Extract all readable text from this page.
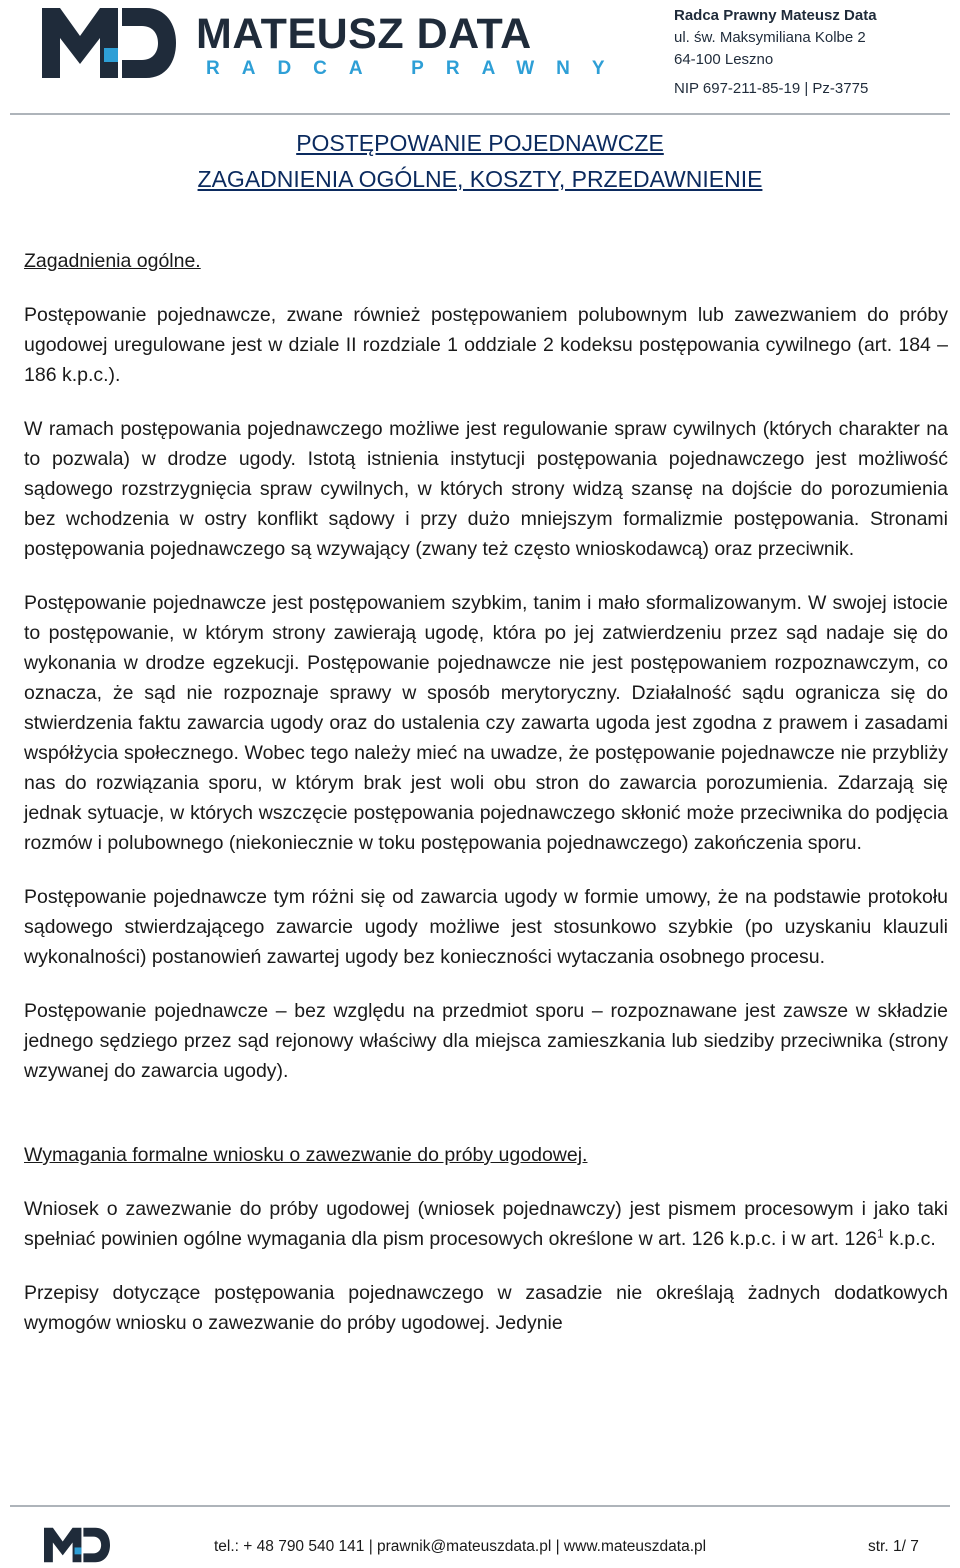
MATEUSZ DATA
RADCA PRAWNY
Radca Prawny Mateusz Data
ul. św. Maksymiliana Kolbe 2
64-100 Leszno
NIP 697-211-85-19 | Pz-3775
POSTĘPOWANIE POJEDNAWCZE
ZAGADNIENIA OGÓLNE, KOSZTY, PRZEDAWNIENIE

Zagadnienia ogólne.

Postępowanie pojednawcze, zwane również postępowaniem polubownym lub zawezwaniem do próby ugodowej uregulowane jest w dziale II rozdziale 1 oddziale 2 kodeksu postępowania cywilnego (art. 184 – 186 k.p.c.).

W ramach postępowania pojednawczego możliwe jest regulowanie spraw cywilnych (których charakter na to pozwala) w drodze ugody. Istotą istnienia instytucji postępowania pojednawczego jest możliwość sądowego rozstrzygnięcia spraw cywilnych, w których strony widzą szansę na dojście do porozumienia bez wchodzenia w ostry konflikt sądowy i przy dużo mniejszym formalizmie postępowania. Stronami postępowania pojednawczego są wzywający (zwany też często wnioskodawcą) oraz przeciwnik.

Postępowanie pojednawcze jest postępowaniem szybkim, tanim i mało sformalizowanym. W swojej istocie to postępowanie, w którym strony zawierają ugodę, która po jej zatwierdzeniu przez sąd nadaje się do wykonania w drodze egzekucji. Postępowanie pojednawcze nie jest postępowaniem rozpoznawczym, co oznacza, że sąd nie rozpoznaje sprawy w sposób merytoryczny. Działalność sądu ogranicza się do stwierdzenia faktu zawarcia ugody oraz do ustalenia czy zawarta ugoda jest zgodna z prawem i zasadami współżycia społecznego. Wobec tego należy mieć na uwadze, że postępowanie pojednawcze nie przybliży nas do rozwiązania sporu, w którym brak jest woli obu stron do zawarcia porozumienia. Zdarzają się jednak sytuacje, w których wszczęcie postępowania pojednawczego skłonić może przeciwnika do podjęcia rozmów i polubownego (niekoniecznie w toku postępowania pojednawczego) zakończenia sporu.

Postępowanie pojednawcze tym różni się od zawarcia ugody w formie umowy, że na podstawie protokołu sądowego stwierdzającego zawarcie ugody możliwe jest stosunkowo szybkie (po uzyskaniu klauzuli wykonalności) postanowień zawartej ugody bez konieczności wytaczania osobnego procesu.

Postępowanie pojednawcze – bez względu na przedmiot sporu – rozpoznawane jest zawsze w składzie jednego sędziego przez sąd rejonowy właściwy dla miejsca zamieszkania lub siedziby przeciwnika (strony wzywanej do zawarcia ugody).

Wymagania formalne wniosku o zawezwanie do próby ugodowej.

Wniosek o zawezwanie do próby ugodowej (wniosek pojednawczy) jest pismem procesowym i jako taki spełniać powinien ogólne wymagania dla pism procesowych określone w art. 126 k.p.c. i w art. $126^1$ k.p.c.

Przepisy dotyczące postępowania pojednawczego w zasadzie nie określają żadnych dodatkowych wymogów wniosku o zawezwanie do próby ugodowej. Jedynie

tel.: + 48 790 540 141 | prawnik@mateuszdata.pl | www.mateuszdata.pl	str. 1/ 7
